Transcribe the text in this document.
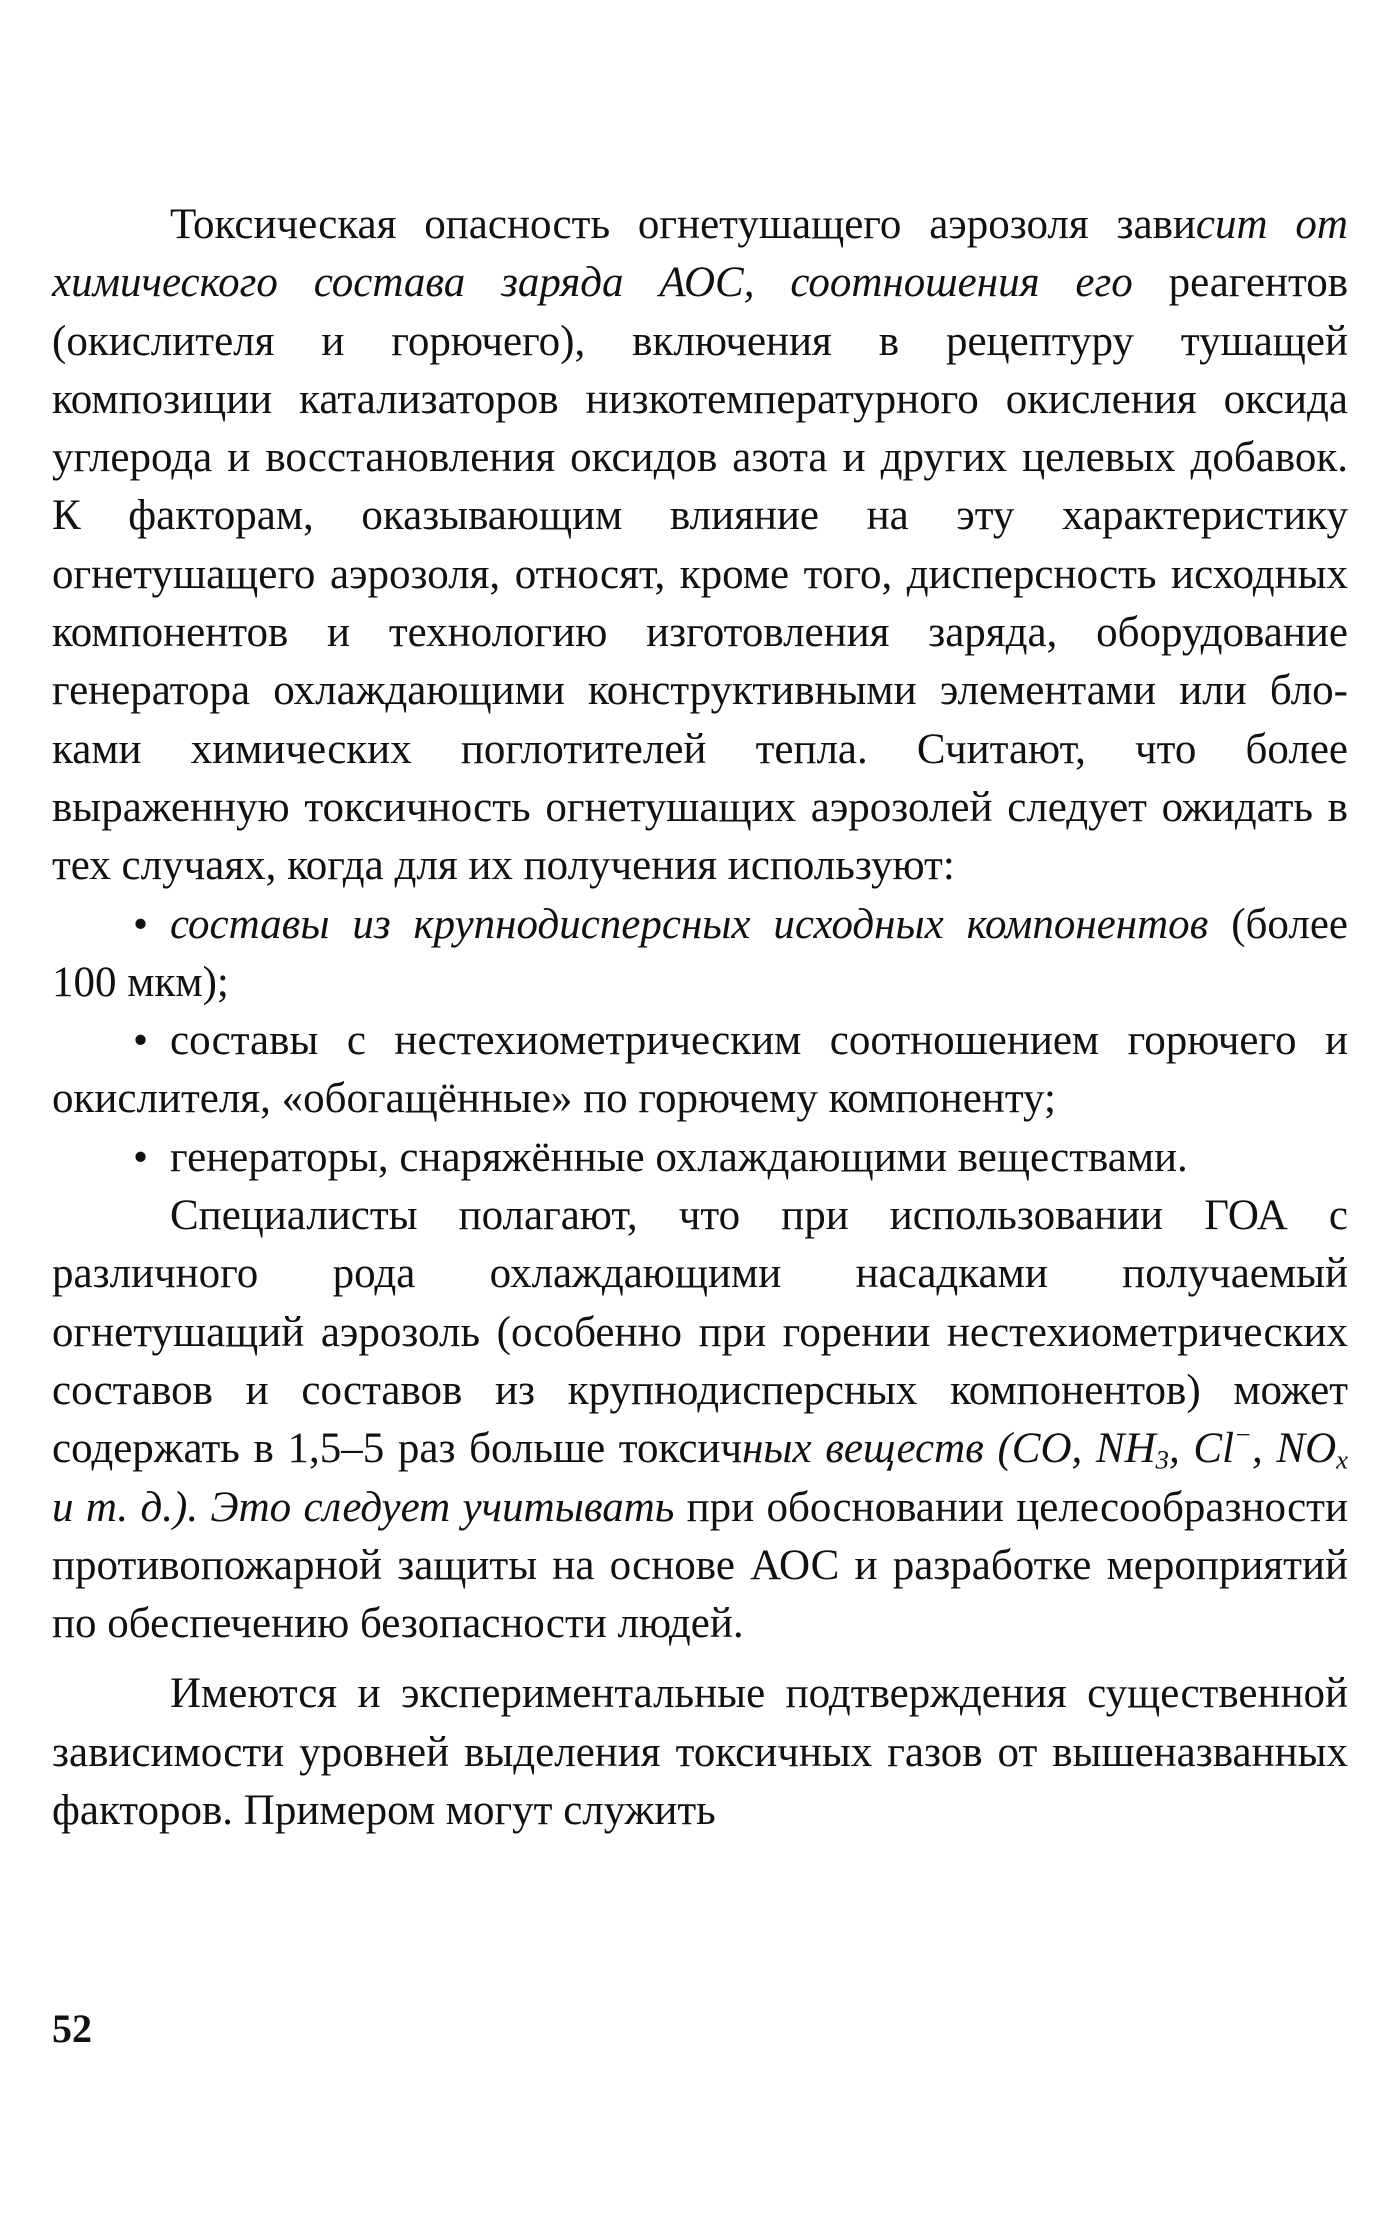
Токсическая опасность огнетушащего аэрозоля зависит от химического состава заряда АОС, соотношения его реагентов (окислителя и горючего), включения в рецептуру тушащей композиции катализаторов низкотемпературного окисления оксида углерода и восстановления оксидов азота и других целевых добавок. К факторам, оказывающим влияние на эту характеристику огнетушащего аэрозоля, относят, кроме того, дисперсность исходных компонентов и технологию изготовления заряда, оборудование генератора охлаждающими конструктивными элементами или блоками химических поглотителей тепла. Считают, что более выраженную токсичность огнетушащих аэрозолей следует ожидать в тех случаях, когда для их получения используют:

• составы из крупнодисперсных исходных компонентов (более 100 мкм);

• составы с нестехиометрическим соотношением горючего и окислителя, «обогащённые» по горючему компоненту;

• генераторы, снаряжённые охлаждающими веществами.

Специалисты полагают, что при использовании ГОА с различного рода охлаждающими насадками получаемый огнетушащий аэрозоль (особенно при горении нестехиометрических составов и составов из крупнодисперсных компонентов) может содержать в 1,5–5 раз больше токсичных веществ (СО, $NH_3$, Cl−, $NO_x$ и т. д.). Это следует учитывать при обосновании целесообразности противопожарной защиты на основе АОС и разработке мероприятий по обеспечению безопасности людей.

Имеются и экспериментальные подтверждения существенной зависимости уровней выделения токсичных газов от вышеназванных факторов. Примером могут служить

52
